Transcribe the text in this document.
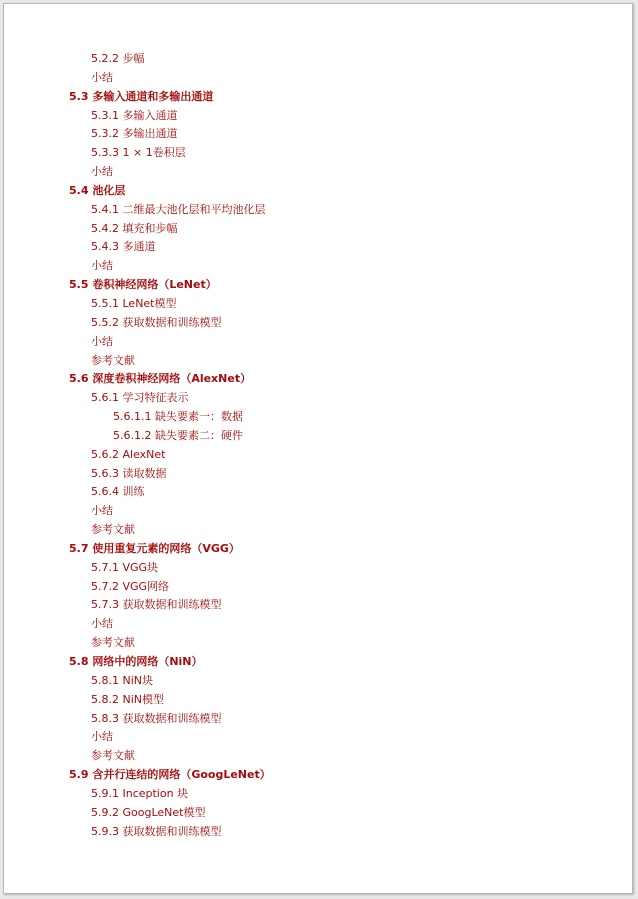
5.2.2 步幅
小结
5.3 多输入通道和多输出通道
5.3.1 多输入通道
5.3.2 多输出通道
5.3.3 1 × 1卷积层
小结
5.4 池化层
5.4.1 二维最大池化层和平均池化层
5.4.2 填充和步幅
5.4.3 多通道
小结
5.5 卷积神经网络（LeNet）
5.5.1 LeNet模型
5.5.2 获取数据和训练模型
小结
参考文献
5.6 深度卷积神经网络（AlexNet）
5.6.1 学习特征表示
5.6.1.1 缺失要素一：数据
5.6.1.2 缺失要素二：硬件
5.6.2 AlexNet
5.6.3 读取数据
5.6.4 训练
小结
参考文献
5.7 使用重复元素的网络（VGG）
5.7.1 VGG块
5.7.2 VGG网络
5.7.3 获取数据和训练模型
小结
参考文献
5.8 网络中的网络（NiN）
5.8.1 NiN块
5.8.2 NiN模型
5.8.3 获取数据和训练模型
小结
参考文献
5.9 含并行连结的网络（GoogLeNet）
5.9.1 Inception 块
5.9.2 GoogLeNet模型
5.9.3 获取数据和训练模型
